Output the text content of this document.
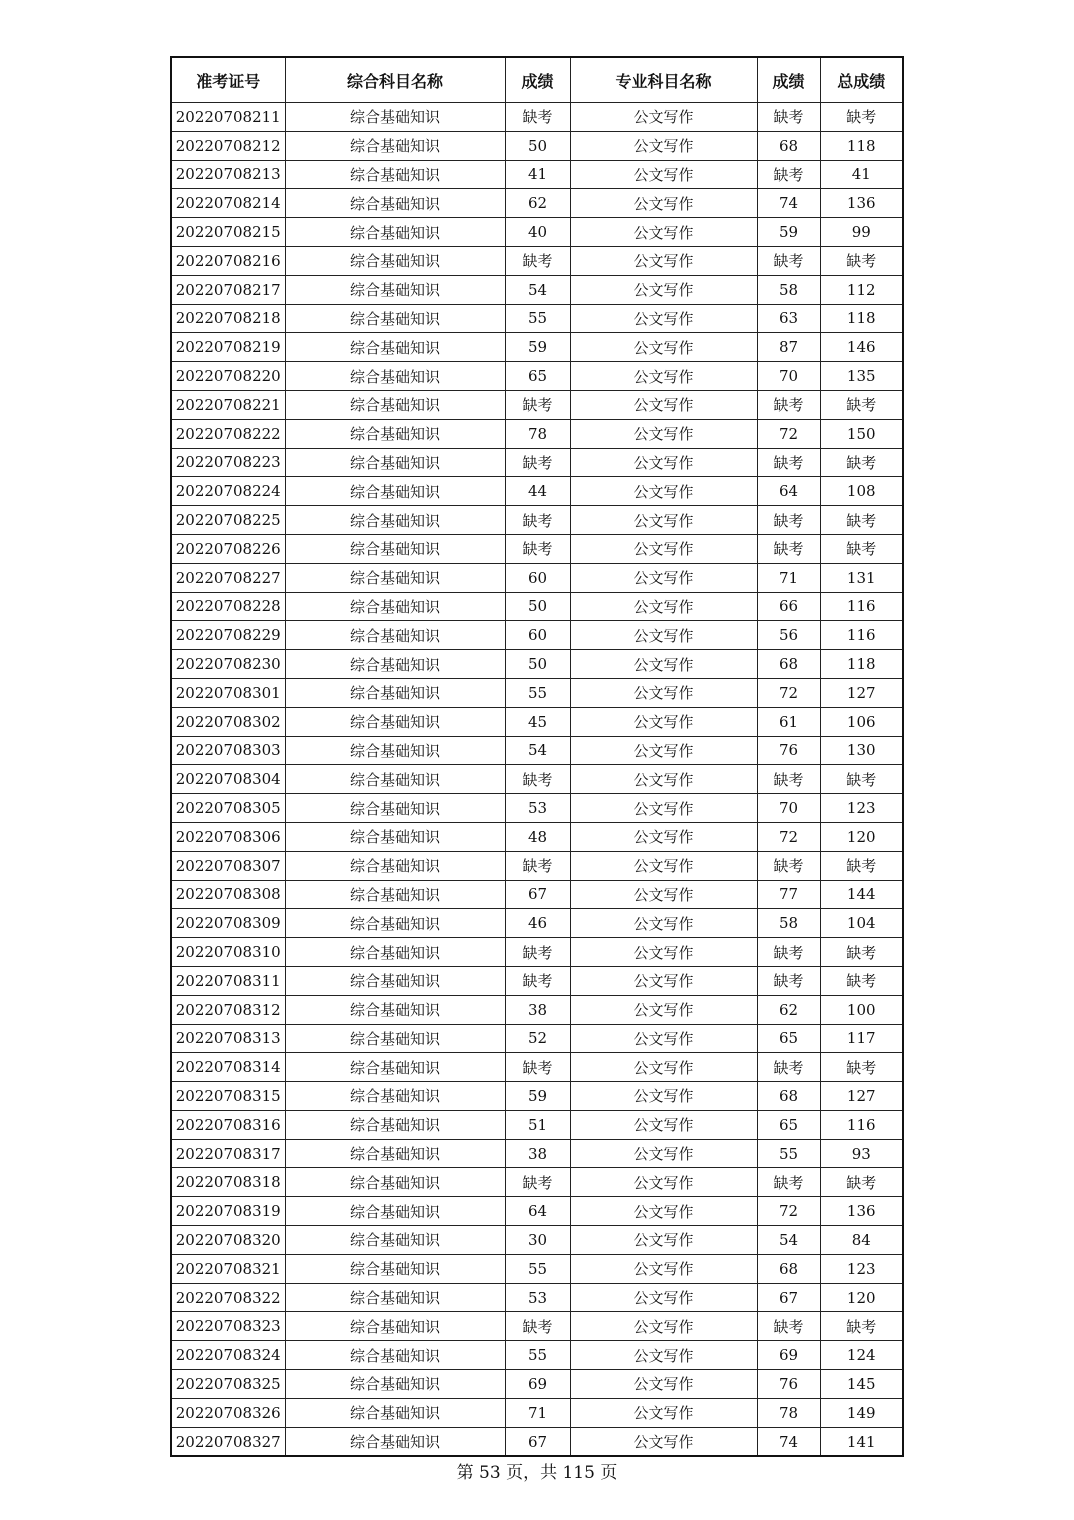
准考证号	综合科目名称	成绩	专业科目名称	成绩	总成绩
20220708211	综合基础知识	缺考	公文写作	缺考	缺考
20220708212	综合基础知识	50	公文写作	68	118
20220708213	综合基础知识	41	公文写作	缺考	41
20220708214	综合基础知识	62	公文写作	74	136
20220708215	综合基础知识	40	公文写作	59	99
20220708216	综合基础知识	缺考	公文写作	缺考	缺考
20220708217	综合基础知识	54	公文写作	58	112
20220708218	综合基础知识	55	公文写作	63	118
20220708219	综合基础知识	59	公文写作	87	146
20220708220	综合基础知识	65	公文写作	70	135
20220708221	综合基础知识	缺考	公文写作	缺考	缺考
20220708222	综合基础知识	78	公文写作	72	150
20220708223	综合基础知识	缺考	公文写作	缺考	缺考
20220708224	综合基础知识	44	公文写作	64	108
20220708225	综合基础知识	缺考	公文写作	缺考	缺考
20220708226	综合基础知识	缺考	公文写作	缺考	缺考
20220708227	综合基础知识	60	公文写作	71	131
20220708228	综合基础知识	50	公文写作	66	116
20220708229	综合基础知识	60	公文写作	56	116
20220708230	综合基础知识	50	公文写作	68	118
20220708301	综合基础知识	55	公文写作	72	127
20220708302	综合基础知识	45	公文写作	61	106
20220708303	综合基础知识	54	公文写作	76	130
20220708304	综合基础知识	缺考	公文写作	缺考	缺考
20220708305	综合基础知识	53	公文写作	70	123
20220708306	综合基础知识	48	公文写作	72	120
20220708307	综合基础知识	缺考	公文写作	缺考	缺考
20220708308	综合基础知识	67	公文写作	77	144
20220708309	综合基础知识	46	公文写作	58	104
20220708310	综合基础知识	缺考	公文写作	缺考	缺考
20220708311	综合基础知识	缺考	公文写作	缺考	缺考
20220708312	综合基础知识	38	公文写作	62	100
20220708313	综合基础知识	52	公文写作	65	117
20220708314	综合基础知识	缺考	公文写作	缺考	缺考
20220708315	综合基础知识	59	公文写作	68	127
20220708316	综合基础知识	51	公文写作	65	116
20220708317	综合基础知识	38	公文写作	55	93
20220708318	综合基础知识	缺考	公文写作	缺考	缺考
20220708319	综合基础知识	64	公文写作	72	136
20220708320	综合基础知识	30	公文写作	54	84
20220708321	综合基础知识	55	公文写作	68	123
20220708322	综合基础知识	53	公文写作	67	120
20220708323	综合基础知识	缺考	公文写作	缺考	缺考
20220708324	综合基础知识	55	公文写作	69	124
20220708325	综合基础知识	69	公文写作	76	145
20220708326	综合基础知识	71	公文写作	78	149
20220708327	综合基础知识	67	公文写作	74	141
第 53 页，共 115 页
